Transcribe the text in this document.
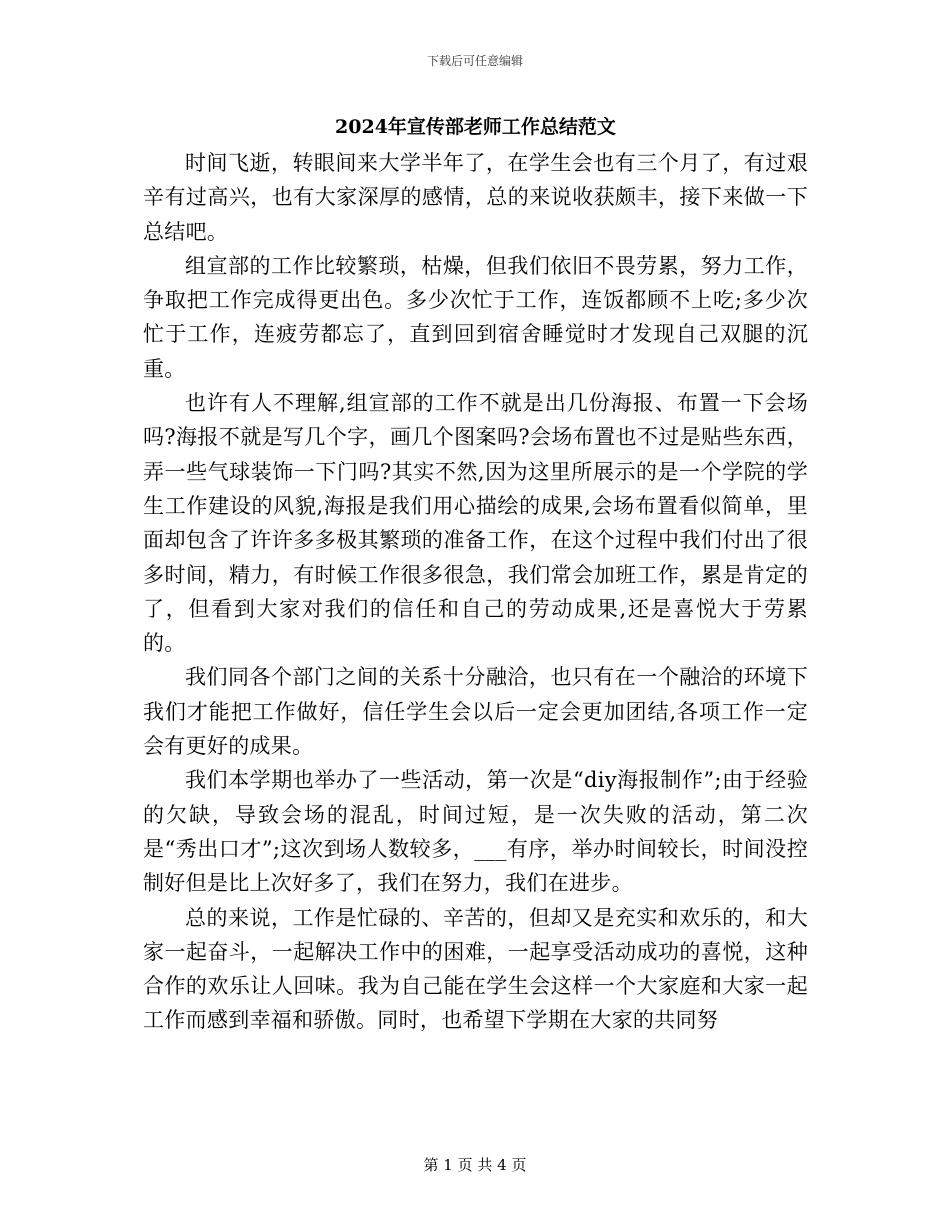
下载后可任意编辑
2024年宣传部老师工作总结范文

时间飞逝，转眼间来大学半年了，在学生会也有三个月了，有过艰辛有过高兴，也有大家深厚的感情，总的来说收获颇丰，接下来做一下总结吧。

组宣部的工作比较繁琐，枯燥，但我们依旧不畏劳累，努力工作，争取把工作完成得更出色。多少次忙于工作，连饭都顾不上吃;多少次忙于工作，连疲劳都忘了，直到回到宿舍睡觉时才发现自己双腿的沉重。

也许有人不理解,组宣部的工作不就是出几份海报、布置一下会场吗?海报不就是写几个字，画几个图案吗?会场布置也不过是贴些东西，弄一些气球装饰一下门吗?其实不然,因为这里所展示的是一个学院的学生工作建设的风貌,海报是我们用心描绘的成果,会场布置看似简单，里面却包含了许许多多极其繁琐的准备工作，在这个过程中我们付出了很多时间，精力，有时候工作很多很急，我们常会加班工作，累是肯定的了，但看到大家对我们的信任和自己的劳动成果,还是喜悦大于劳累的。

我们同各个部门之间的关系十分融洽，也只有在一个融洽的环境下我们才能把工作做好，信任学生会以后一定会更加团结,各项工作一定会有更好的成果。

我们本学期也举办了一些活动，第一次是“diy海报制作”;由于经验的欠缺，导致会场的混乱，时间过短，是一次失败的活动，第二次是“秀出口才”;这次到场人数较多，___有序，举办时间较长，时间没控制好但是比上次好多了，我们在努力，我们在进步。

总的来说，工作是忙碌的、辛苦的，但却又是充实和欢乐的，和大家一起奋斗，一起解决工作中的困难，一起享受活动成功的喜悦，这种合作的欢乐让人回味。我为自己能在学生会这样一个大家庭和大家一起工作而感到幸福和骄傲。同时，也希望下学期在大家的共同努

第 1 页 共 4 页
